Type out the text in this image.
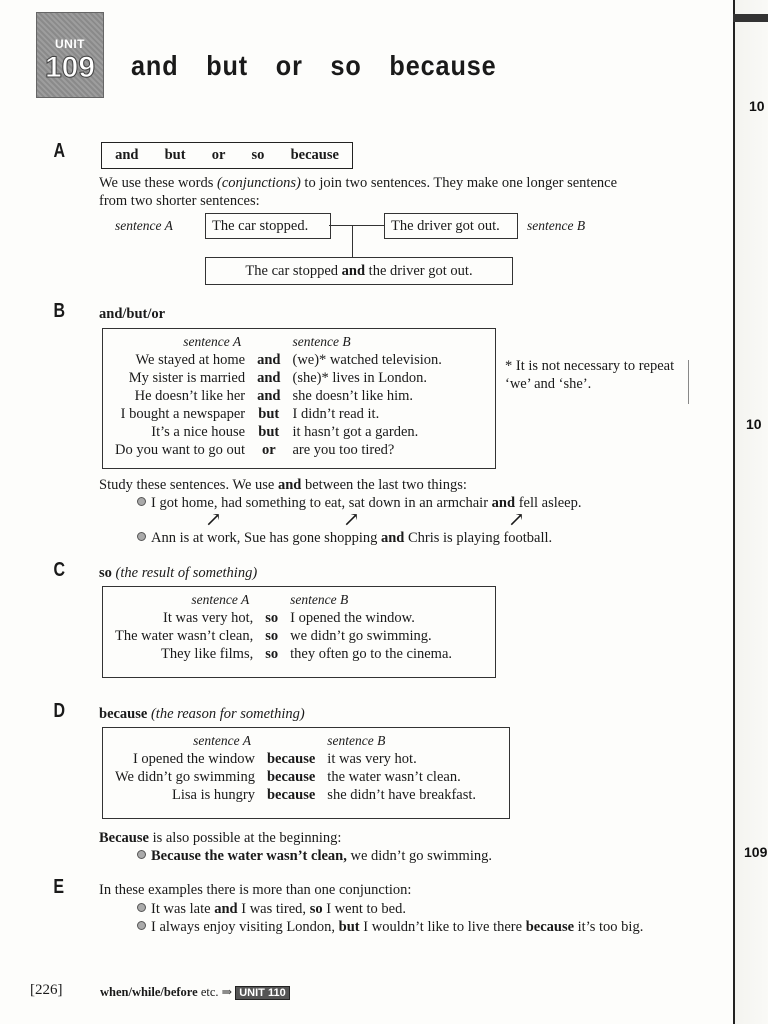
10
10
109
UNIT
109 and but or so because
A	and but or so because
We use these words (conjunctions) to join two sentences. They make one longer sentence
from two shorter sentences:
sentence A	The car stopped.	The driver got out.	sentence B
The car stopped and the driver got out.
B and/but/or
sentence A		sentence B
We stayed at home	and	(we)* watched television.
My sister is married	and	(she)* lives in London.
He doesn’t like her	and	she doesn’t like him.
I bought a newspaper	but	I didn’t read it.
It’s a nice house	but	it hasn’t got a garden.
Do you want to go out	or	are you too tired?
* It is not necessary to repeat
‘we’ and ‘she’.
Study these sentences. We use and between the last two things:
I got home, had something to eat, sat down in an armchair and fell asleep.
↗	↗	↗
Ann is at work, Sue has gone shopping and Chris is playing football.
C so (the result of something)
sentence A		sentence B
It was very hot,	so	I opened the window.
The water wasn’t clean,	so	we didn’t go swimming.
They like films,	so	they often go to the cinema.
D because (the reason for something)
sentence A		sentence B
I opened the window	because	it was very hot.
We didn’t go swimming	because	the water wasn’t clean.
Lisa is hungry	because	she didn’t have breakfast.
Because is also possible at the beginning:
Because the water wasn’t clean, we didn’t go swimming.
E In these examples there is more than one conjunction:
It was late and I was tired, so I went to bed.
I always enjoy visiting London, but I wouldn’t like to live there because it’s too big.
[226]	when/while/before etc. ⇒ UNIT 110
